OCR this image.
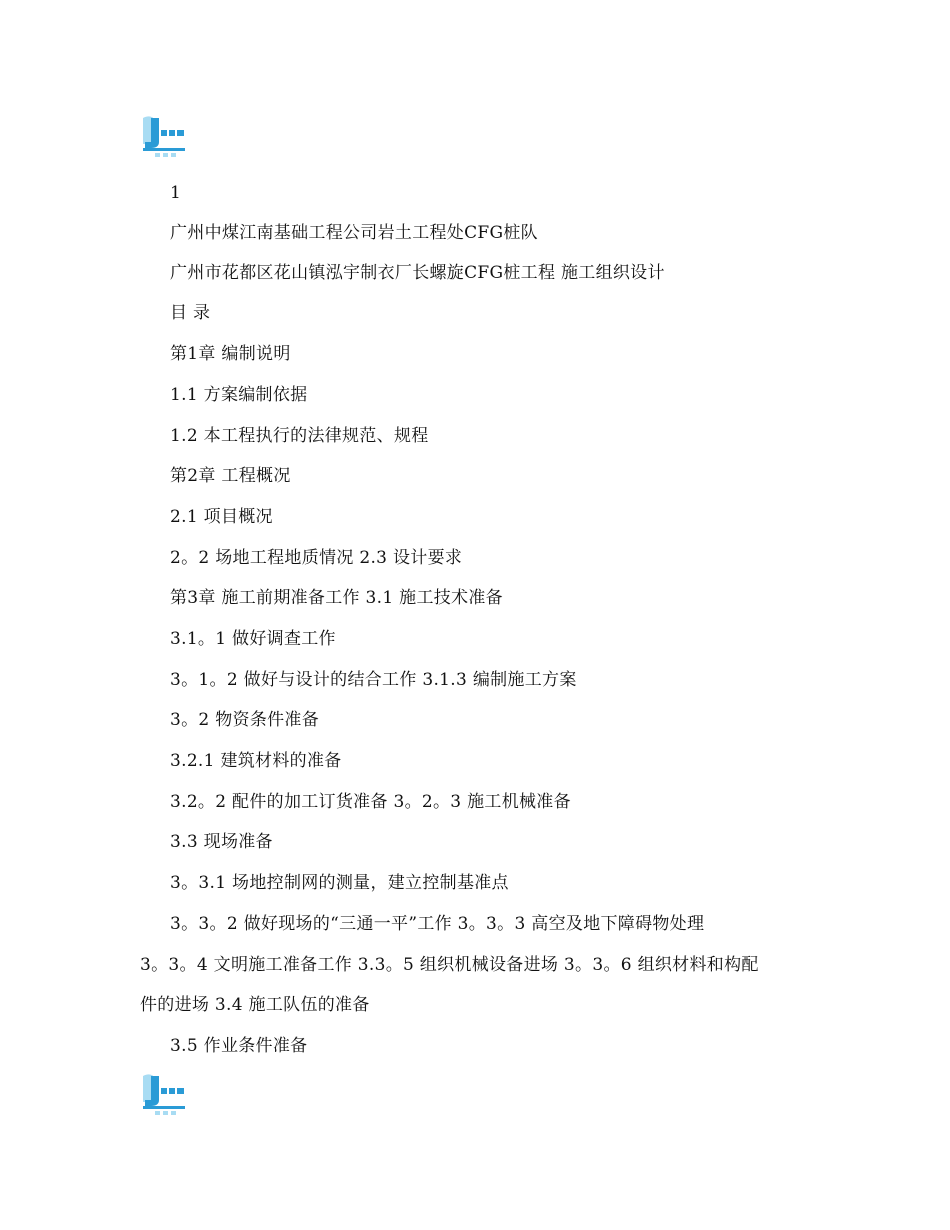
1
广州中煤江南基础工程公司岩土工程处CFG桩队
广州市花都区花山镇泓宇制衣厂长螺旋CFG桩工程 施工组织设计
目 录
第1章 编制说明
1.1 方案编制依据
1.2 本工程执行的法律规范、规程
第2章 工程概况
2.1 项目概况
2。2 场地工程地质情况 2.3 设计要求
第3章 施工前期准备工作 3.1 施工技术准备
3.1。1 做好调查工作
3。1。2 做好与设计的结合工作 3.1.3 编制施工方案
3。2 物资条件准备
3.2.1 建筑材料的准备
3.2。2 配件的加工订货准备 3。2。3 施工机械准备
3.3 现场准备
3。3.1 场地控制网的测量，建立控制基准点
3。3。2 做好现场的“三通一平”工作 3。3。3 高空及地下障碍物处理
3。3。4 文明施工准备工作 3.3。5 组织机械设备进场 3。3。6 组织材料和构配
件的进场 3.4 施工队伍的准备
3.5 作业条件准备
